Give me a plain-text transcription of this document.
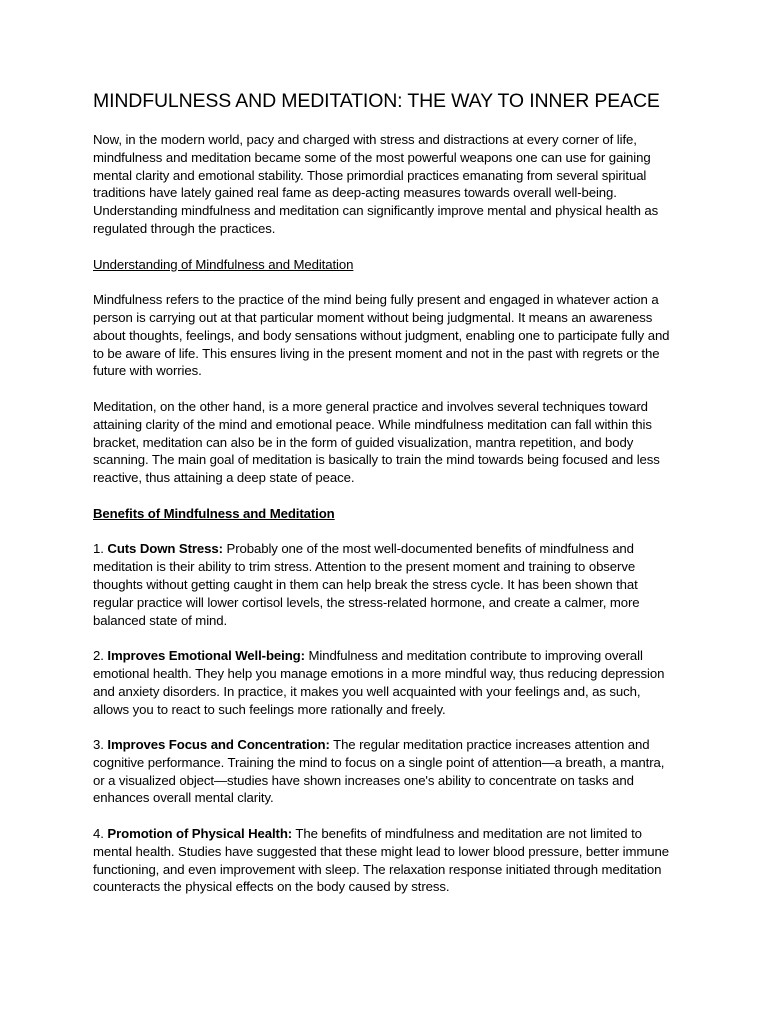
MINDFULNESS AND MEDITATION: THE WAY TO INNER PEACE

Now, in the modern world, pacy and charged with stress and distractions at every corner of life, mindfulness and meditation became some of the most powerful weapons one can use for gaining mental clarity and emotional stability. Those primordial practices emanating from several spiritual traditions have lately gained real fame as deep-acting measures towards overall well-being. Understanding mindfulness and meditation can significantly improve mental and physical health as regulated through the practices.

Understanding of Mindfulness and Meditation

Mindfulness refers to the practice of the mind being fully present and engaged in whatever action a person is carrying out at that particular moment without being judgmental. It means an awareness about thoughts, feelings, and body sensations without judgment, enabling one to participate fully and to be aware of life. This ensures living in the present moment and not in the past with regrets or the future with worries.

Meditation, on the other hand, is a more general practice and involves several techniques toward attaining clarity of the mind and emotional peace. While mindfulness meditation can fall within this bracket, meditation can also be in the form of guided visualization, mantra repetition, and body scanning. The main goal of meditation is basically to train the mind towards being focused and less reactive, thus attaining a deep state of peace.

Benefits of Mindfulness and Meditation

1. Cuts Down Stress: Probably one of the most well-documented benefits of mindfulness and meditation is their ability to trim stress. Attention to the present moment and training to observe thoughts without getting caught in them can help break the stress cycle. It has been shown that regular practice will lower cortisol levels, the stress-related hormone, and create a calmer, more balanced state of mind.

2. Improves Emotional Well-being: Mindfulness and meditation contribute to improving overall emotional health. They help you manage emotions in a more mindful way, thus reducing depression and anxiety disorders. In practice, it makes you well acquainted with your feelings and, as such, allows you to react to such feelings more rationally and freely.

3. Improves Focus and Concentration: The regular meditation practice increases attention and cognitive performance. Training the mind to focus on a single point of attention—a breath, a mantra, or a visualized object—studies have shown increases one's ability to concentrate on tasks and enhances overall mental clarity.

4. Promotion of Physical Health: The benefits of mindfulness and meditation are not limited to mental health. Studies have suggested that these might lead to lower blood pressure, better immune functioning, and even improvement with sleep. The relaxation response initiated through meditation counteracts the physical effects on the body caused by stress.
